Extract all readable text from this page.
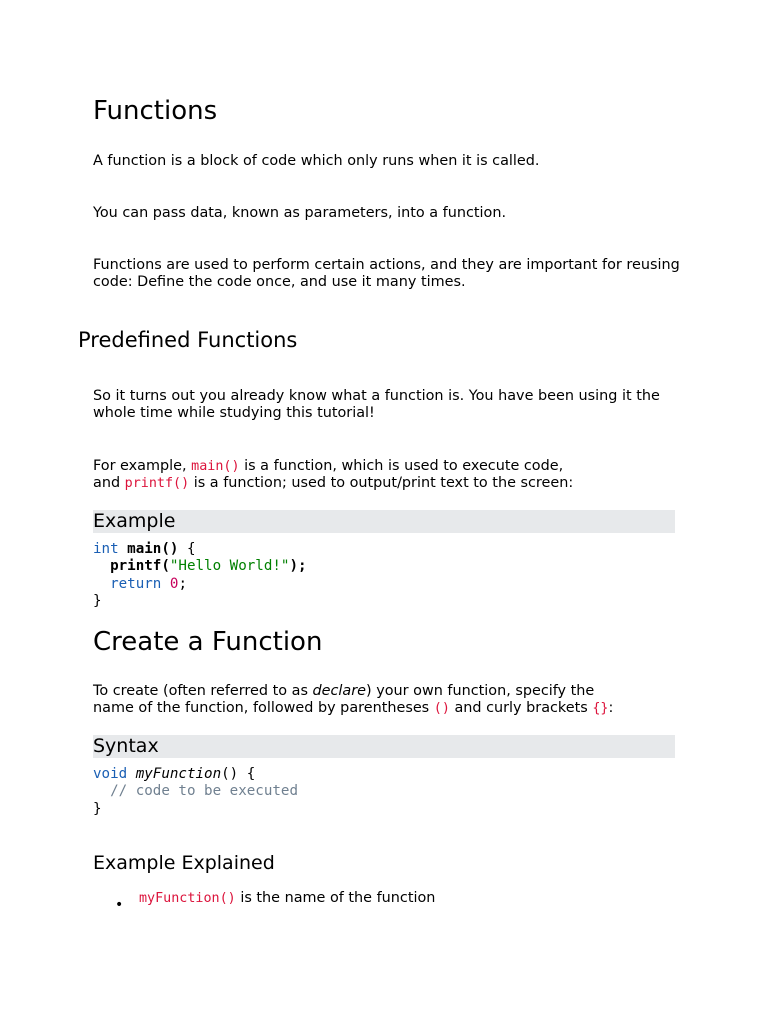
Functions

A function is a block of code which only runs when it is called.

You can pass data, known as parameters, into a function.

Functions are used to perform certain actions, and they are important for reusing code: Define the code once, and use it many times.

Predefined Functions

So it turns out you already know what a function is. You have been using it the whole time while studying this tutorial!

For example, main() is a function, which is used to execute code,
and printf() is a function; used to output/print text to the screen:

Example
int main() {
printf("Hello World!");
return 0;
}
Create a Function

To create (often referred to as declare) your own function, specify the
name of the function, followed by parentheses () and curly brackets {}:

Syntax
void myFunction() {
// code to be executed
}
Example Explained
• myFunction() is the name of the function
